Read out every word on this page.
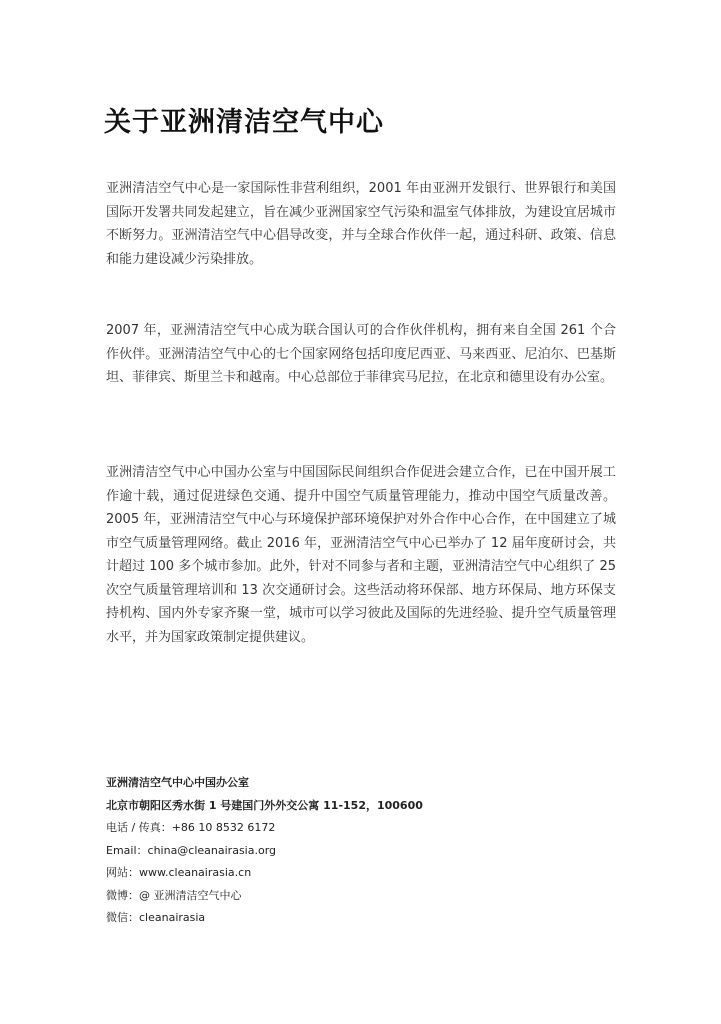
关于亚洲清洁空气中心

亚洲清洁空气中心是一家国际性非营利组织，2001 年由亚洲开发银行、世界银行和美国国际开发署共同发起建立，旨在减少亚洲国家空气污染和温室气体排放，为建设宜居城市不断努力。亚洲清洁空气中心倡导改变，并与全球合作伙伴一起，通过科研、政策、信息和能力建设减少污染排放。

2007 年，亚洲清洁空气中心成为联合国认可的合作伙伴机构，拥有来自全国 261 个合作伙伴。亚洲清洁空气中心的七个国家网络包括印度尼西亚、马来西亚、尼泊尔、巴基斯坦、菲律宾、斯里兰卡和越南。中心总部位于菲律宾马尼拉，在北京和德里设有办公室。

亚洲清洁空气中心中国办公室与中国国际民间组织合作促进会建立合作，已在中国开展工作逾十载，通过促进绿色交通、提升中国空气质量管理能力，推动中国空气质量改善。2005 年，亚洲清洁空气中心与环境保护部环境保护对外合作中心合作，在中国建立了城市空气质量管理网络。截止 2016 年，亚洲清洁空气中心已举办了 12 届年度研讨会，共计超过 100 多个城市参加。此外，针对不同参与者和主题，亚洲清洁空气中心组织了 25 次空气质量管理培训和 13 次交通研讨会。这些活动将环保部、地方环保局、地方环保支持机构、国内外专家齐聚一堂，城市可以学习彼此及国际的先进经验、提升空气质量管理水平，并为国家政策制定提供建议。

亚洲清洁空气中心中国办公室
北京市朝阳区秀水街 1 号建国门外外交公寓 11-152，100600
电话 / 传真：+86 10 8532 6172
Email：china@cleanairasia.org
网站：www.cleanairasia.cn
微博：@ 亚洲清洁空气中心
微信：cleanairasia
